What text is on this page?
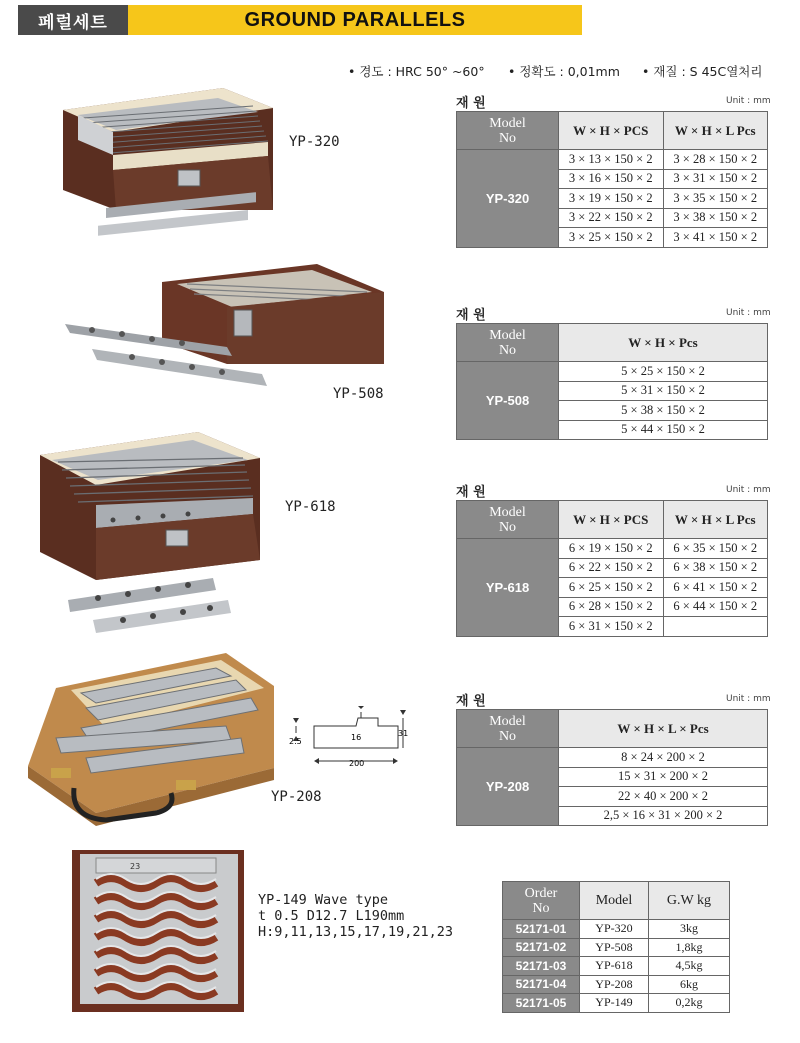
페럴세트	GROUND PARALLELS
• 경도 : HRC 50° ~60° • 정확도 : 0,01mm • 재질 : S 45C열처리
YP-320
YP-508
YP-618
YP-208
2.5	16	31
200
23
YP-149 Wave type
t 0.5 D12.7 L190mm
H:9,11,13,15,17,19,21,23
재 원	Unit : mm
Model
No	W × H × PCS	W × H × L Pcs
YP-320	3 × 13 × 150 × 2	3 × 28 × 150 × 2
	3 × 16 × 150 × 2	3 × 31 × 150 × 2
	3 × 19 × 150 × 2	3 × 35 × 150 × 2
	3 × 22 × 150 × 2	3 × 38 × 150 × 2
	3 × 25 × 150 × 2	3 × 41 × 150 × 2
재 원	Unit : mm
Model
No	W × H × Pcs
YP-508	5 × 25 × 150 × 2
	5 × 31 × 150 × 2
	5 × 38 × 150 × 2
	5 × 44 × 150 × 2
재 원	Unit : mm
Model
No	W × H × PCS	W × H × L Pcs
YP-618	6 × 19 × 150 × 2	6 × 35 × 150 × 2
	6 × 22 × 150 × 2	6 × 38 × 150 × 2
	6 × 25 × 150 × 2	6 × 41 × 150 × 2
	6 × 28 × 150 × 2	6 × 44 × 150 × 2
	6 × 31 × 150 × 2	
재 원	Unit : mm
Model
No	W × H × L × Pcs
YP-208	8 × 24 × 200 × 2
	15 × 31 × 200 × 2
	22 × 40 × 200 × 2
	2,5 × 16 × 31 × 200 × 2
Order
No	Model	G.W kg
52171-01	YP-320	3kg
52171-02	YP-508	1,8kg
52171-03	YP-618	4,5kg
52171-04	YP-208	6kg
52171-05	YP-149	0,2kg
